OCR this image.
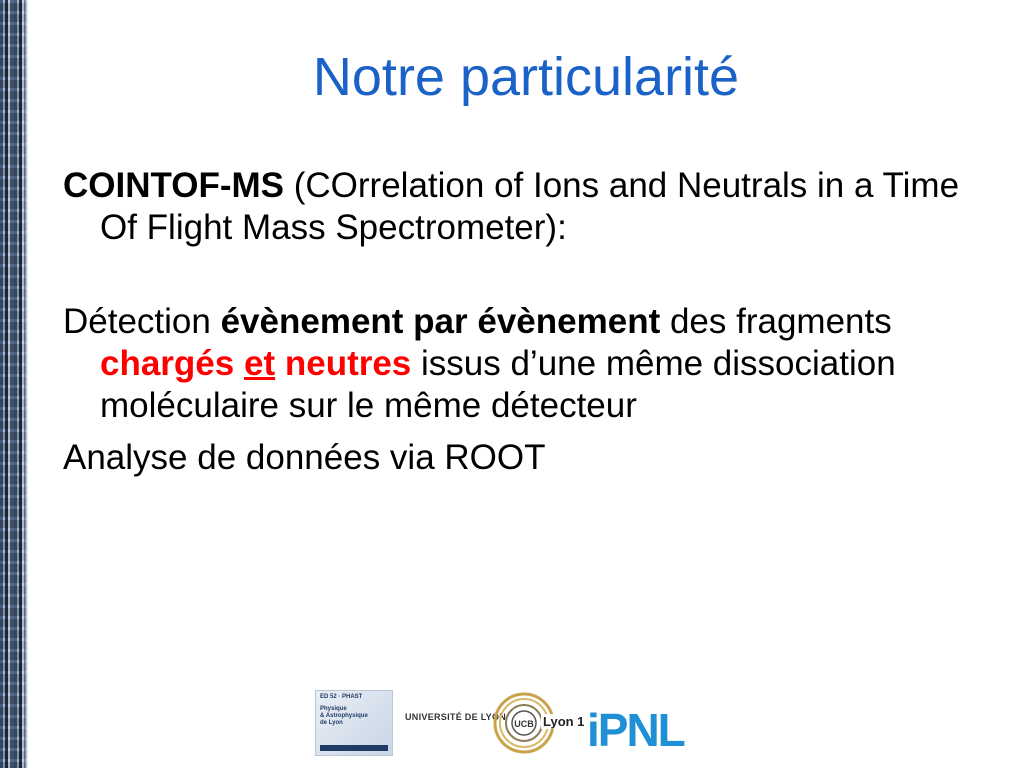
Notre particularité

COINTOF-MS (COrrelation of Ions and Neutrals in a Time Of Flight Mass Spectrometer):

Détection évènement par évènement des fragments chargés et neutres issus d’une même dissociation moléculaire sur le même détecteur

Analyse de données via ROOT

ED 52 · PHAST
Physique
& Astrophysique
de Lyon
UNIVERSITÉ DE LYON
UCB Lyon 1 iPNL
